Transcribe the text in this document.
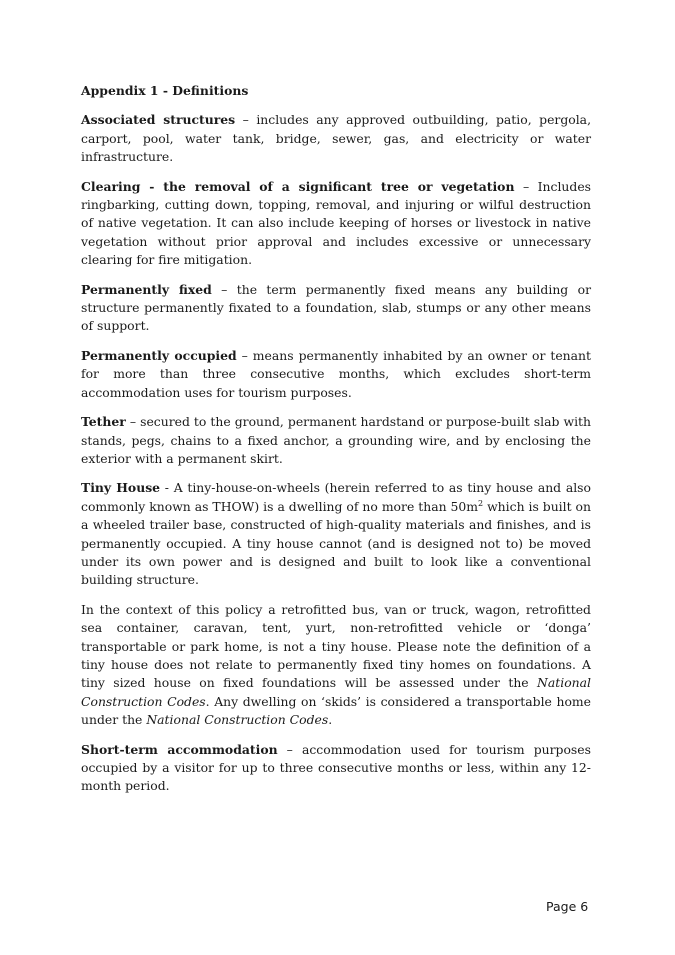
Appendix 1 - Definitions

Associated structures – includes any approved outbuilding, patio, pergola, carport, pool, water tank, bridge, sewer, gas, and electricity or water infrastructure.

Clearing - the removal of a significant tree or vegetation – Includes ringbarking, cutting down, topping, removal, and injuring or wilful destruction of native vegetation. It can also include keeping of horses or livestock in native vegetation without prior approval and includes excessive or unnecessary clearing for fire mitigation.

Permanently fixed – the term permanently fixed means any building or structure permanently fixated to a foundation, slab, stumps or any other means of support.

Permanently occupied – means permanently inhabited by an owner or tenant for more than three consecutive months, which excludes short-term accommodation uses for tourism purposes.

Tether – secured to the ground, permanent hardstand or purpose-built slab with stands, pegs, chains to a fixed anchor, a grounding wire, and by enclosing the exterior with a permanent skirt.

Tiny House - A tiny-house-on-wheels (herein referred to as tiny house and also commonly known as THOW) is a dwelling of no more than $50m^2$ which is built on a wheeled trailer base, constructed of high-quality materials and finishes, and is permanently occupied. A tiny house cannot (and is designed not to) be moved under its own power and is designed and built to look like a conventional building structure.

In the context of this policy a retrofitted bus, van or truck, wagon, retrofitted sea container, caravan, tent, yurt, non-retrofitted vehicle or ‘donga’ transportable or park home, is not a tiny house. Please note the definition of a tiny house does not relate to permanently fixed tiny homes on foundations. A tiny sized house on fixed foundations will be assessed under the National Construction Codes. Any dwelling on ‘skids’ is considered a transportable home under the National Construction Codes.

Short-term accommodation – accommodation used for tourism purposes occupied by a visitor for up to three consecutive months or less, within any 12-month period.

Page 6
